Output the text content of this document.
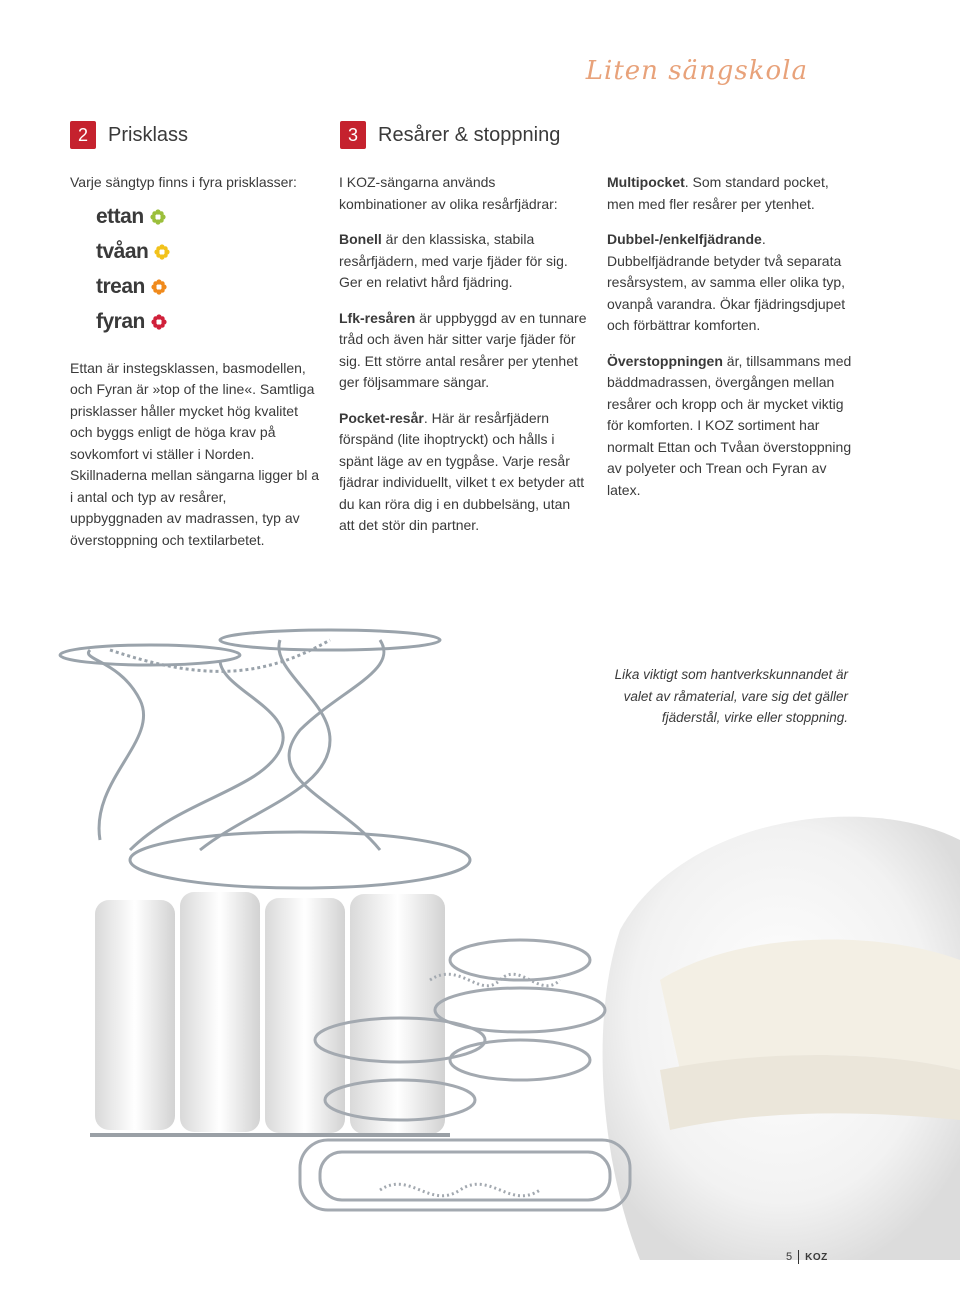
Liten sängskola
2	Prisklass

Varje sängtyp finns i fyra prisklasser:

ettan
tvåan
trean
fyran

Ettan är instegsklassen, basmodellen, och Fyran är »top of the line«. Samtliga prisklasser håller mycket hög kvalitet och byggs enligt de höga krav på sovkomfort vi ställer i Norden. Skillnaderna mellan sängarna ligger bl a i antal och typ av resårer, uppbyggnaden av madrassen, typ av överstoppning och textilarbetet.

3	Resårer & stoppning

I KOZ-sängarna används kombinationer av olika resårfjädrar:

Bonell är den klassiska, stabila resårfjädern, med varje fjäder för sig. Ger en relativt hård fjädring.

Lfk-resåren är uppbyggd av en tunnare tråd och även här sitter varje fjäder för sig. Ett större antal resårer per ytenhet ger följsammare sängar.

Pocket-resår. Här är resårfjädern förspänd (lite ihoptryckt) och hålls i spänt läge av en tygpåse. Varje resår fjädrar individuellt, vilket t ex betyder att du kan röra dig i en dubbelsäng, utan att det stör din partner.

Multipocket. Som standard pocket, men med fler resårer per ytenhet.

Dubbel-/enkelfjädrande. Dubbelfjädrande betyder två separata resårsystem, av samma eller olika typ, ovanpå varandra. Ökar fjädringsdjupet och förbättrar komforten.

Överstoppningen är, tillsammans med bäddmadrassen, övergången mellan resårer och kropp och är mycket viktig för komforten. I KOZ sortiment har normalt Ettan och Tvåan överstoppning av polyeter och Trean och Fyran av latex.

Lika viktigt som hantverkskunnandet är valet av råmaterial, vare sig det gäller fjäderstål, virke eller stoppning.
5 KOZ
